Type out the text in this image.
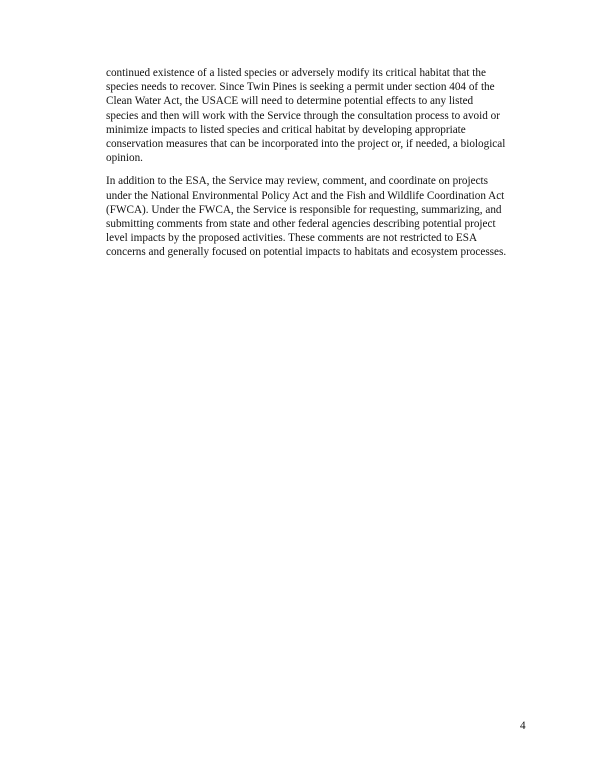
continued existence of a listed species or adversely modify its critical habitat that the
species needs to recover. Since Twin Pines is seeking a permit under section 404 of the
Clean Water Act, the USACE will need to determine potential effects to any listed
species and then will work with the Service through the consultation process to avoid or
minimize impacts to listed species and critical habitat by developing appropriate
conservation measures that can be incorporated into the project or, if needed, a biological
opinion.

In addition to the ESA, the Service may review, comment, and coordinate on projects
under the National Environmental Policy Act and the Fish and Wildlife Coordination Act
(FWCA). Under the FWCA, the Service is responsible for requesting, summarizing, and
submitting comments from state and other federal agencies describing potential project
level impacts by the proposed activities. These comments are not restricted to ESA
concerns and generally focused on potential impacts to habitats and ecosystem processes.

4
